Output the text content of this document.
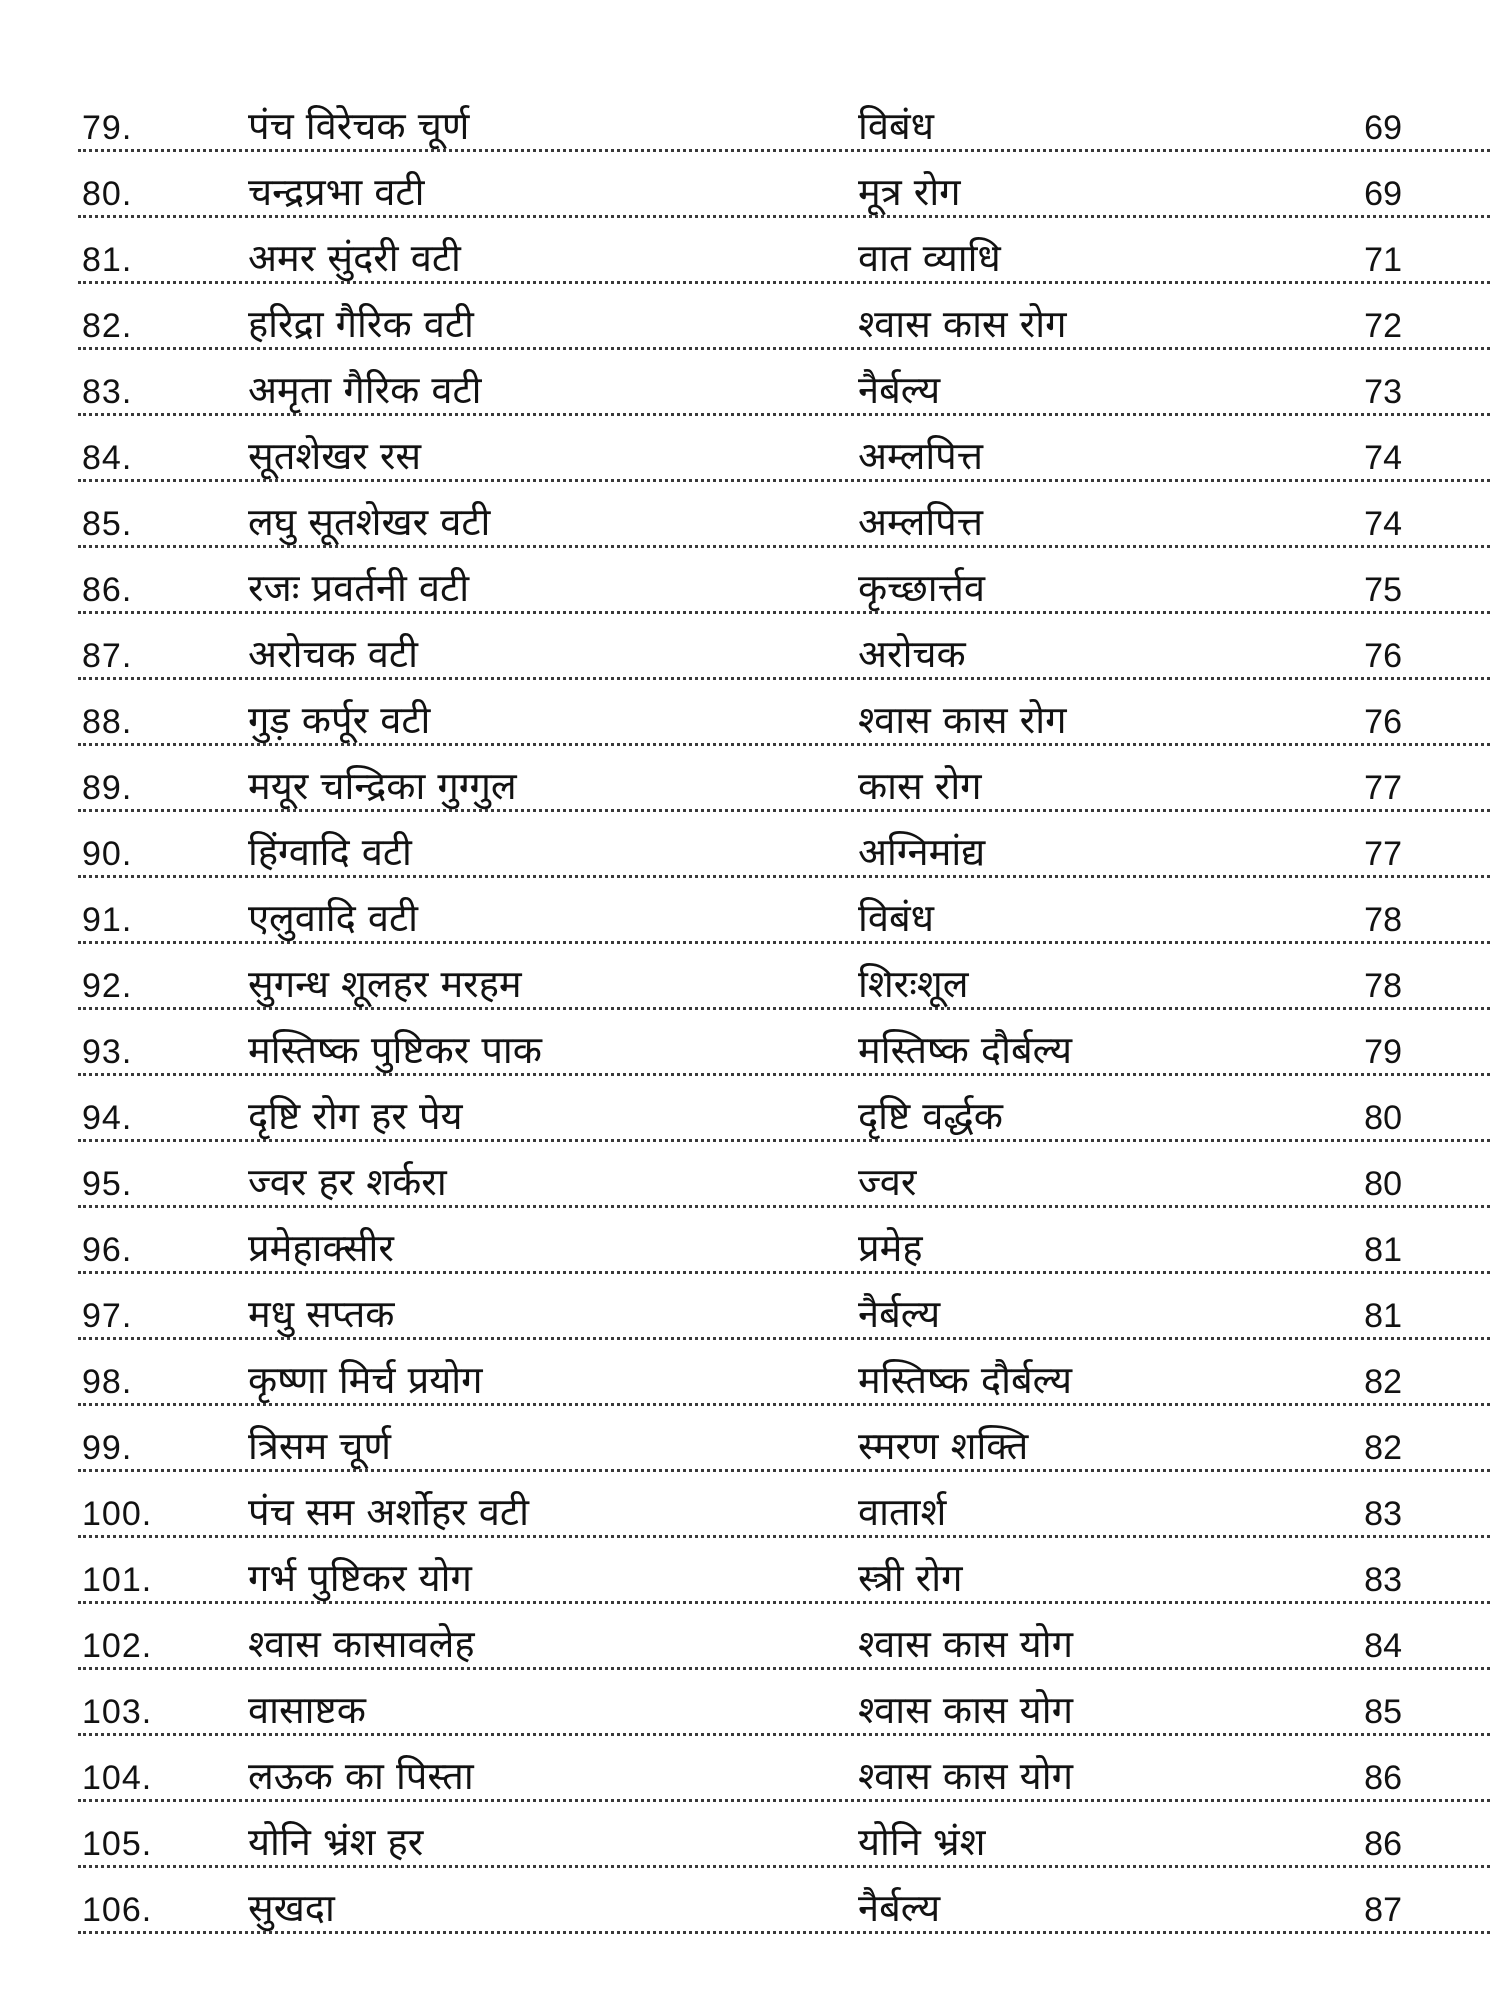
79.	पंच विरेचक चूर्ण	विबंध	69
80.	चन्द्रप्रभा वटी	मूत्र रोग	69
81.	अमर सुंदरी वटी	वात व्याधि	71
82.	हरिद्रा गैरिक वटी	श्वास कास रोग	72
83.	अमृता गैरिक वटी	नैर्बल्य	73
84.	सूतशेखर रस	अम्लपित्त	74
85.	लघु सूतशेखर वटी	अम्लपित्त	74
86.	रजः प्रवर्तनी वटी	कृच्छार्त्तव	75
87.	अरोचक वटी	अरोचक	76
88.	गुड़ कर्पूर वटी	श्वास कास रोग	76
89.	मयूर चन्द्रिका गुग्गुल	कास रोग	77
90.	हिंग्वादि वटी	अग्निमांद्य	77
91.	एलुवादि वटी	विबंध	78
92.	सुगन्ध शूलहर मरहम	शिरःशूल	78
93.	मस्तिष्क पुष्टिकर पाक	मस्तिष्क दौर्बल्य	79
94.	दृष्टि रोग हर पेय	दृष्टि वर्द्धक	80
95.	ज्वर हर शर्करा	ज्वर	80
96.	प्रमेहाक्सीर	प्रमेह	81
97.	मधु सप्तक	नैर्बल्य	81
98.	कृष्णा मिर्च प्रयोग	मस्तिष्क दौर्बल्य	82
99.	त्रिसम चूर्ण	स्मरण शक्ति	82
100.	पंच सम अर्शोहर वटी	वातार्श	83
101.	गर्भ पुष्टिकर योग	स्त्री रोग	83
102.	श्वास कासावलेह	श्वास कास योग	84
103.	वासाष्टक	श्वास कास योग	85
104.	लऊक का पिस्ता	श्वास कास योग	86
105.	योनि भ्रंश हर	योनि भ्रंश	86
106.	सुखदा	नैर्बल्य	87
